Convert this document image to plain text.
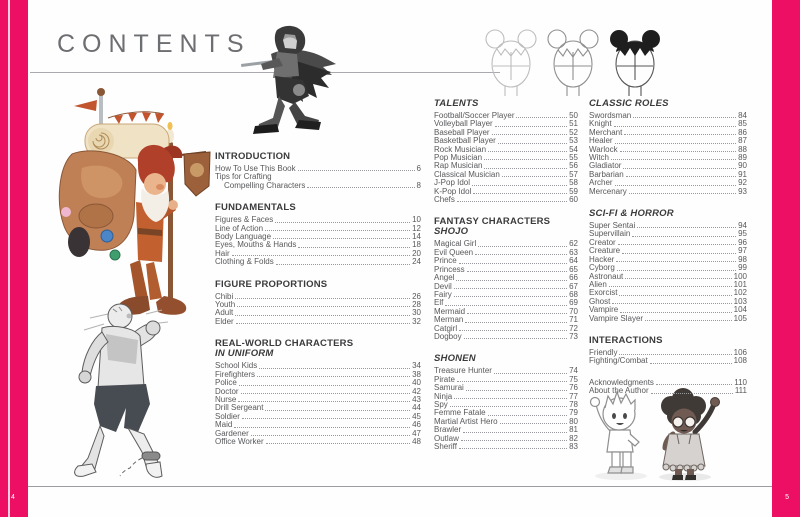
4	5
CONTENTS
INTRODUCTION
How To Use This Book	6
Tips for Crafting
Compelling Characters	8
FUNDAMENTALS
Figures & Faces	10
Line of Action	12
Body Language	14
Eyes, Mouths & Hands	18
Hair	20
Clothing & Folds	24
FIGURE PROPORTIONS
Chibi	26
Youth	28
Adult	30
Elder	32
REAL-WORLD CHARACTERS
IN UNIFORM
School Kids	34
Firefighters	38
Police	40
Doctor	42
Nurse	43
Drill Sergeant	44
Soldier	45
Maid	46
Gardener	47
Office Worker	48
TALENTS
Football/Soccer Player	50
Volleyball Player	51
Baseball Player	52
Basketball Player	53
Rock Musician	54
Pop Musician	55
Rap Musician	56
Classical Musician	57
J-Pop Idol	58
K-Pop Idol	59
Chefs	60
FANTASY CHARACTERS
SHOJO
Magical Girl	62
Evil Queen	63
Prince	64
Princess	65
Angel	66
Devil	67
Fairy	68
Elf	69
Mermaid	70
Merman	71
Catgirl	72
Dogboy	73
SHONEN
Treasure Hunter	74
Pirate	75
Samurai	76
Ninja	77
Spy	78
Femme Fatale	79
Martial Artist Hero	80
Brawler	81
Outlaw	82
Sheriff	83
CLASSIC ROLES
Swordsman	84
Knight	85
Merchant	86
Healer	87
Warlock	88
Witch	89
Gladiator	90
Barbarian	91
Archer	92
Mercenary	93
SCI-FI & HORROR
Super Sentai	94
Supervillain	95
Creator	96
Creature	97
Hacker	98
Cyborg	99
Astronaut	100
Alien	101
Exorcist	102
Ghost	103
Vampire	104
Vampire Slayer	105
INTERACTIONS
Friendly	106
Fighting/Combat	108
Acknowledgments	110
About the Author	111
